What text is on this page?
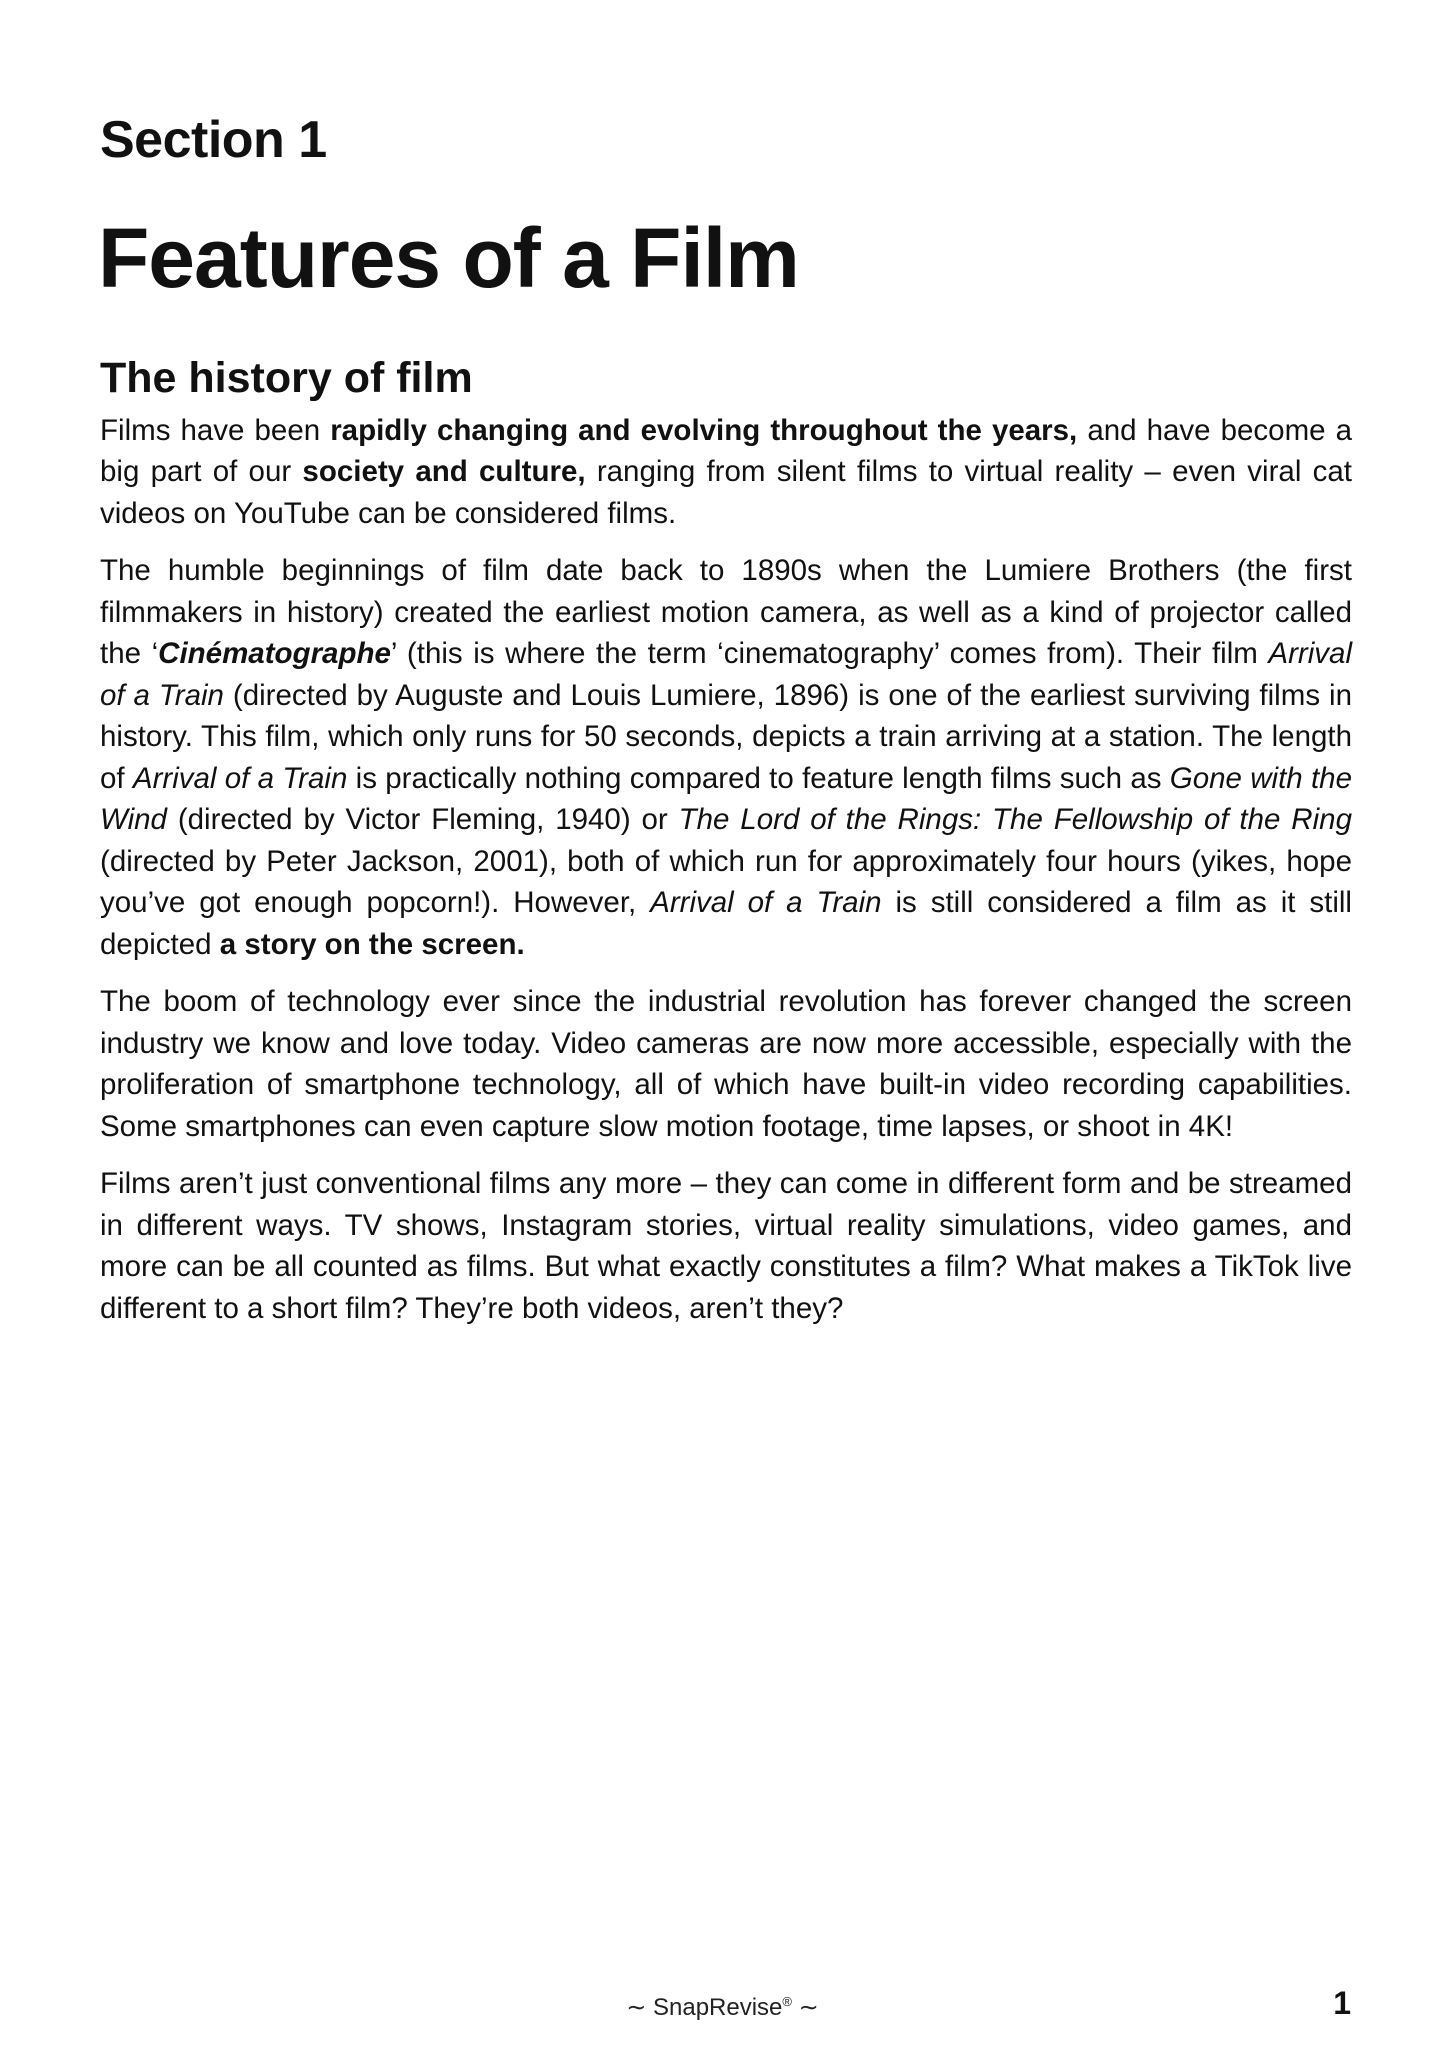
Section 1
Features of a Film
The history of film

Films have been rapidly changing and evolving throughout the years, and have become a big part of our society and culture, ranging from silent films to virtual reality – even viral cat videos on YouTube can be considered films.

The humble beginnings of film date back to 1890s when the Lumiere Brothers (the first filmmakers in history) created the earliest motion camera, as well as a kind of projector called the ‘Cinématographe’ (this is where the term ‘cinematography’ comes from). Their film Arrival of a Train (directed by Auguste and Louis Lumiere, 1896) is one of the earliest surviving films in history. This film, which only runs for 50 seconds, depicts a train arriving at a station. The length of Arrival of a Train is practically nothing compared to feature length films such as Gone with the Wind (directed by Victor Fleming, 1940) or The Lord of the Rings: The Fellowship of the Ring (directed by Peter Jackson, 2001), both of which run for approximately four hours (yikes, hope you’ve got enough popcorn!). However, Arrival of a Train is still considered a film as it still depicted a story on the screen.

The boom of technology ever since the industrial revolution has forever changed the screen industry we know and love today. Video cameras are now more accessible, especially with the proliferation of smartphone technology, all of which have built-in video recording capabilities. Some smartphones can even capture slow motion footage, time lapses, or shoot in 4K!

Films aren’t just conventional films any more – they can come in different form and be streamed in different ways. TV shows, Instagram stories, virtual reality simulations, video games, and more can be all counted as films. But what exactly constitutes a film? What makes a TikTok live different to a short film? They’re both videos, aren’t they?

∼ SnapRevise® ∼	1
